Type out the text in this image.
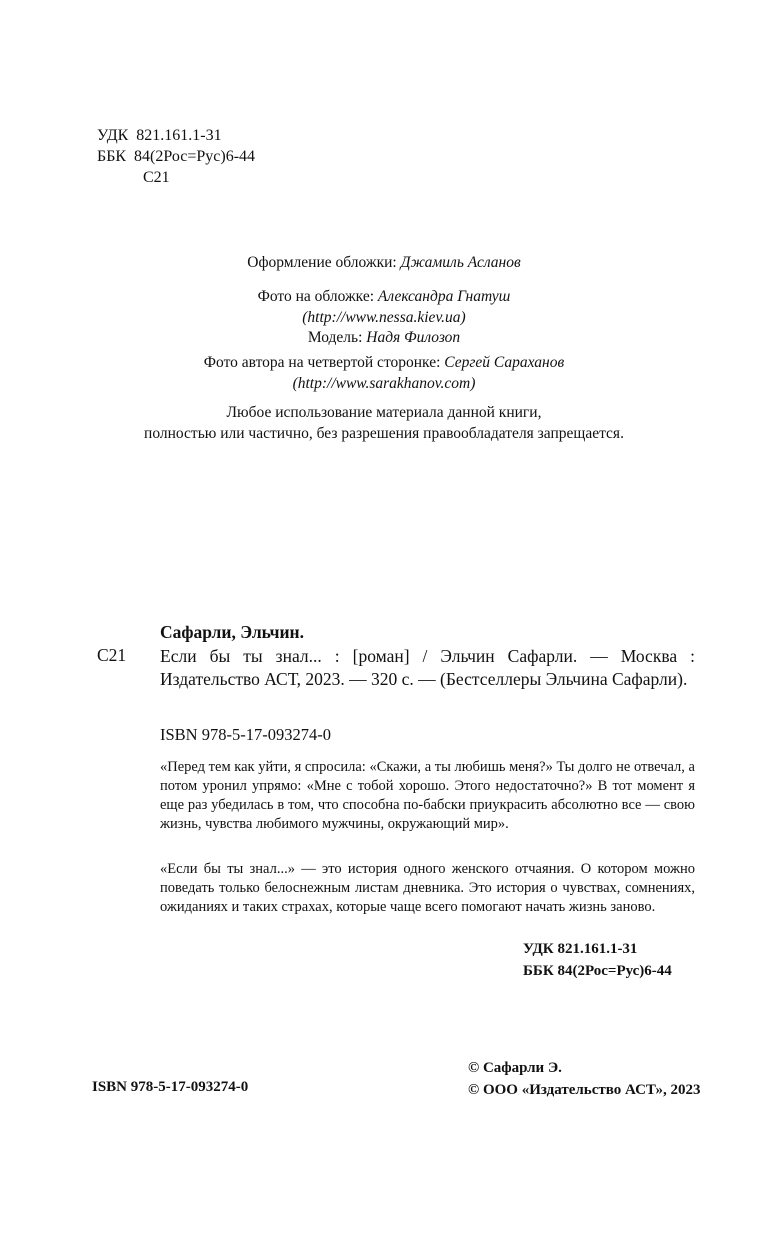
УДК  821.161.1-31
ББК  84(2Рос=Рус)6-44
С21
Оформление обложки: Джамиль Асланов
Фото на обложке: Александра Гнатуш
(http://www.nessa.kiev.ua)
Модель: Надя Филозоп
Фото автора на четвертой сторонке: Сергей Сараханов
(http://www.sarakhanov.com)
Любое использование материала данной книги,
полностью или частично, без разрешения правообладателя запрещается.
Сафарли, Эльчин.
С21 Если бы ты знал... : [роман] / Эльчин Сафарли. — Москва : Издательство АСТ, 2023. — 320 с. — (Бестселлеры Эльчина Сафарли).
ISBN 978-5-17-093274-0
«Перед тем как уйти, я спросила: «Скажи, а ты любишь меня?» Ты долго не отвечал, а потом уронил упрямо: «Мне с тобой хорошо. Этого недостаточно?» В тот момент я еще раз убедилась в том, что способна по-бабски приукрасить абсолютно все — свою жизнь, чувства любимого мужчины, окружающий мир».
«Если бы ты знал...» — это история одного женского отчаяния. О котором можно поведать только белоснежным листам дневника. Это история о чувствах, сомнениях, ожиданиях и таких страхах, которые чаще всего помогают начать жизнь заново.
УДК 821.161.1-31
ББК 84(2Рос=Рус)6-44
ISBN 978-5-17-093274-0
© Сафарли Э.
© ООО «Издательство АСТ», 2023
